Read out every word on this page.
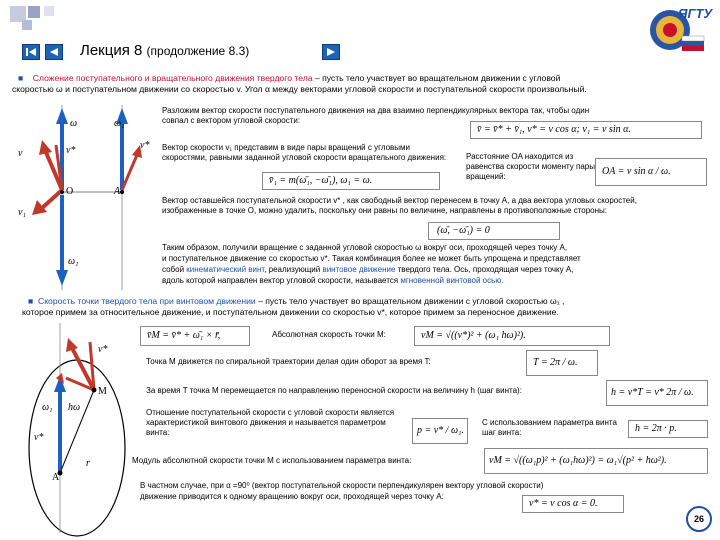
Лекция 8 (продолжение 8.3)
ЯГТУ
■ Сложение поступательного и вращательного движения твердого тела – пусть тело участвует во вращательном движении с угловой
скоростью ω и поступательном движении со скоростью v. Угол α между векторами угловой скорости и поступательной скорости произвольный.
ω	ω₁
v	v*	v*
v₁
O	A
ω₁
Разложим вектор скорости поступательного движения на два взаимно перпендикулярных вектора так, чтобы один совпал с вектором угловой скорости:
v̄ = v̄* + v̄₁, v* = v cos α; v₁ = v sin α.
Вектор скорости v₁ представим в виде пары вращений с угловыми скоростями, равными заданной угловой скорости вращательного движения:
v̄₁ = m(ω̄₁, −ω̄₁), ω₁ = ω.
Расстояние OA находится из равенства скорости моменту пары вращений:	OA = v sin α / ω.
Вектор оставшейся поступательной скорости v* , как свободный вектор перенесем в точку A, а два вектора угловых скоростей, изображенные в точке O, можно удалить, поскольку они равны по величине, направлены в противоположные стороны:
(ω̄, −ω̄₁) = 0
Таким образом, получили вращение с заданной угловой скоростью ω вокруг оси, проходящей через точку A,
и поступательное движение со скоростью v*. Такая комбинация более не может быть упрощена и представляет
собой кинематический винт, реализующий винтовое движение твердого тела. Ось, проходящая через точку A,
вдоль которой направлен вектор угловой скорости, называется мгновенной винтовой осью.
■ Скорость точки твердого тела при винтовом движении – пусть тело участвует во вращательном движении с угловой скоростью ω₁ ,
которое примем за относительное движение, и поступательном движении со скоростью v*, которое примем за переносное движение.
v*
M
ω₁ hω
v*
r
A
v̄M = v̄* + ω̄₁ × r̄,	Абсолютная скорость точки M:	vM = √((v*)² + (ω₁ hω)²).
Точка M движется по спиральной траектории делая один оборот за время T:	T = 2π / ω.
За время T точка M перемещается по направлению переносной скорости на величину h (шаг винта):	h = v*T = v* 2π / ω.
Отношение поступательной скорости с угловой скорости является характеристикой винтового движения и называется параметром винта:	p = v* / ω₁.
С использованием параметра винта шаг винта:	h = 2π · p.
Модуль абсолютной скорости точки M с использованием параметра винта:	vM = √((ω₁p)² + (ω₁hω)²) = ω₁√(p² + hω²).
В частном случае, при α =90⁰ (вектор поступательной скорости перпендикулярен вектору угловой скорости)
движение приводится к одному вращению вокруг оси, проходящей через точку A:
v* = v cos α = 0.
26
